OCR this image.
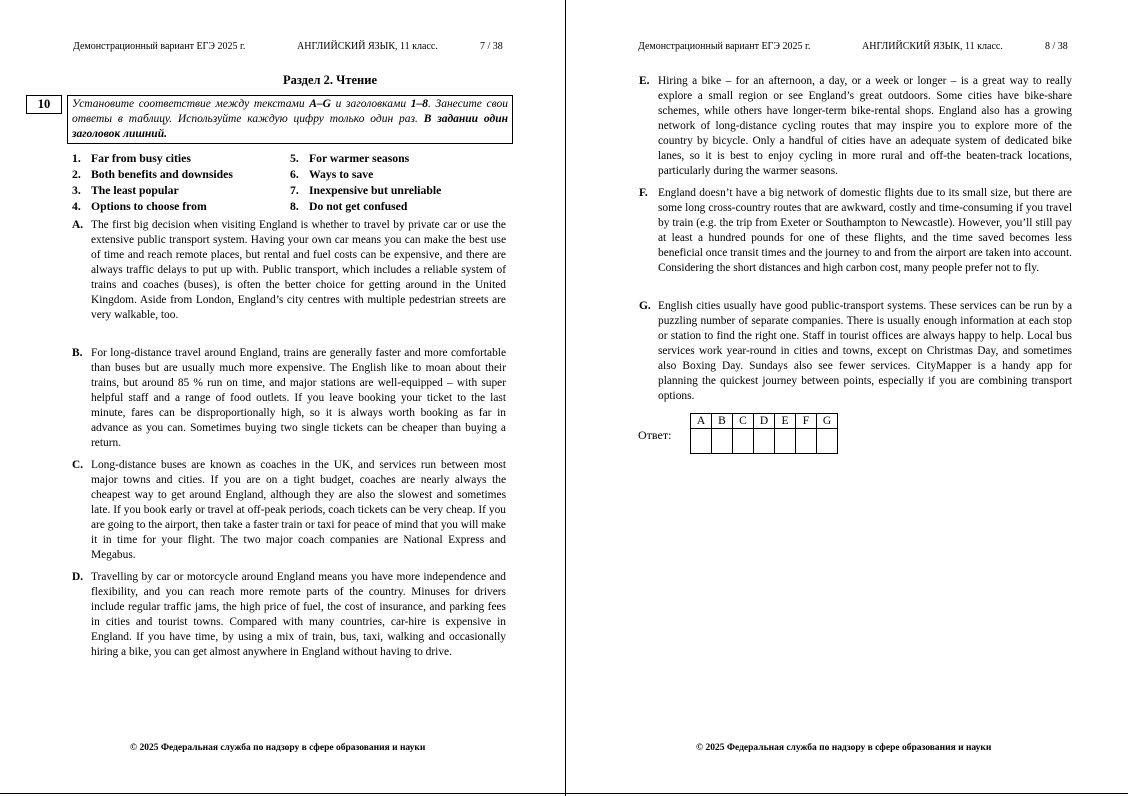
Демонстрационный вариант ЕГЭ 2025 г.	АНГЛИЙСКИЙ ЯЗЫК, 11 класс.	7 / 38
Раздел 2. Чтение
10	Установите соответствие между текстами A–G и заголовками 1–8. Занесите свои ответы в таблицу. Используйте каждую цифру только один раз. В задании один заголовок лишний.
1. Far from busy cities
2. Both benefits and downsides
3. The least popular
4. Options to choose from
5. For warmer seasons
6. Ways to save
7. Inexpensive but unreliable
8. Do not get confused
A. The first big decision when visiting England is whether to travel by private car or use the extensive public transport system. Having your own car means you can make the best use of time and reach remote places, but rental and fuel costs can be expensive, and there are always traffic delays to put up with. Public transport, which includes a reliable system of trains and coaches (buses), is often the better choice for getting around in the United Kingdom. Aside from London, England’s city centres with multiple pedestrian streets are very walkable, too.
B. For long-distance travel around England, trains are generally faster and more comfortable than buses but are usually much more expensive. The English like to moan about their trains, but around 85 % run on time, and major stations are well-equipped – with super helpful staff and a range of food outlets. If you leave booking your ticket to the last minute, fares can be disproportionally high, so it is always worth booking as far in advance as you can. Sometimes buying two single tickets can be cheaper than buying a return.
C. Long-distance buses are known as coaches in the UK, and services run between most major towns and cities. If you are on a tight budget, coaches are nearly always the cheapest way to get around England, although they are also the slowest and sometimes late. If you book early or travel at off-peak periods, coach tickets can be very cheap. If you are going to the airport, then take a faster train or taxi for peace of mind that you will make it in time for your flight. The two major coach companies are National Express and Megabus.
D. Travelling by car or motorcycle around England means you have more independence and flexibility, and you can reach more remote parts of the country. Minuses for drivers include regular traffic jams, the high price of fuel, the cost of insurance, and parking fees in cities and tourist towns. Compared with many countries, car-hire is expensive in England. If you have time, by using a mix of train, bus, taxi, walking and occasionally hiring a bike, you can get almost anywhere in England without having to drive.
© 2025 Федеральная служба по надзору в сфере образования и науки
Демонстрационный вариант ЕГЭ 2025 г.	АНГЛИЙСКИЙ ЯЗЫК, 11 класс.	8 / 38
E. Hiring a bike – for an afternoon, a day, or a week or longer – is a great way to really explore a small region or see England’s great outdoors. Some cities have bike-share schemes, while others have longer-term bike-rental shops. England also has a growing network of long-distance cycling routes that may inspire you to explore more of the country by bicycle. Only a handful of cities have an adequate system of dedicated bike lanes, so it is best to enjoy cycling in more rural and off-the beaten-track locations, particularly during the warmer seasons.
F. England doesn’t have a big network of domestic flights due to its small size, but there are some long cross-country routes that are awkward, costly and time-consuming if you travel by train (e.g. the trip from Exeter or Southampton to Newcastle). However, you’ll still pay at least a hundred pounds for one of these flights, and the time saved becomes less beneficial once transit times and the journey to and from the airport are taken into account. Considering the short distances and high carbon cost, many people prefer not to fly.
G. English cities usually have good public-transport systems. These services can be run by a puzzling number of separate companies. There is usually enough information at each stop or station to find the right one. Staff in tourist offices are always happy to help. Local bus services work year-round in cities and towns, except on Christmas Day, and sometimes also Boxing Day. Sundays also see fewer services. CityMapper is a handy app for planning the quickest journey between points, especially if you are combining transport options.
Ответ:
A	B	C	D	E	F	G

© 2025 Федеральная служба по надзору в сфере образования и науки
